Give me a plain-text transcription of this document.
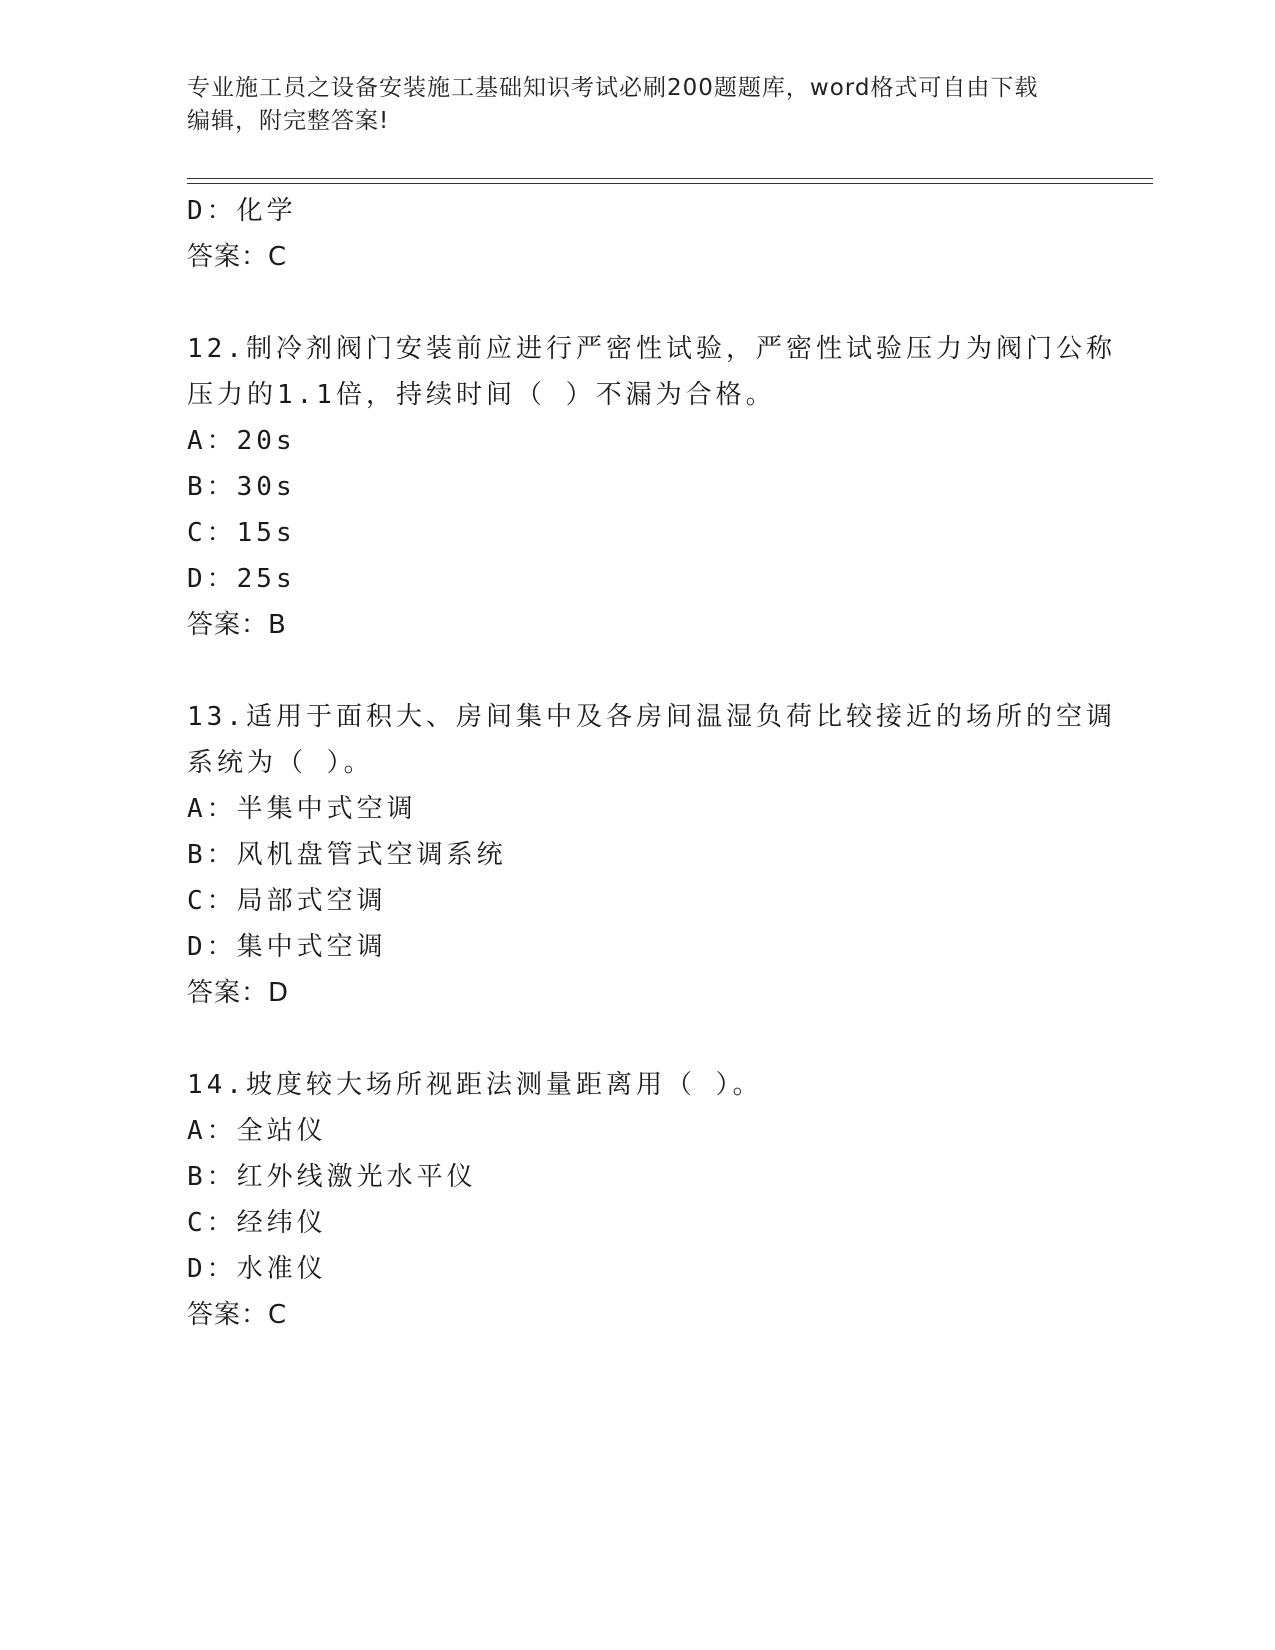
专业施工员之设备安装施工基础知识考试必刷200题题库，word格式可自由下载
编辑，附完整答案!
D：化学
答案：C
12.制冷剂阀门安装前应进行严密性试验，严密性试验压力为阀门公称
压力的1.1倍，持续时间（ ）不漏为合格。
A：20s
B：30s
C：15s
D：25s
答案：B
13.适用于面积大、房间集中及各房间温湿负荷比较接近的场所的空调
系统为（ ）。
A：半集中式空调
B：风机盘管式空调系统
C：局部式空调
D：集中式空调
答案：D
14.坡度较大场所视距法测量距离用（ ）。
A：全站仪
B：红外线激光水平仪
C：经纬仪
D：水准仪
答案：C
